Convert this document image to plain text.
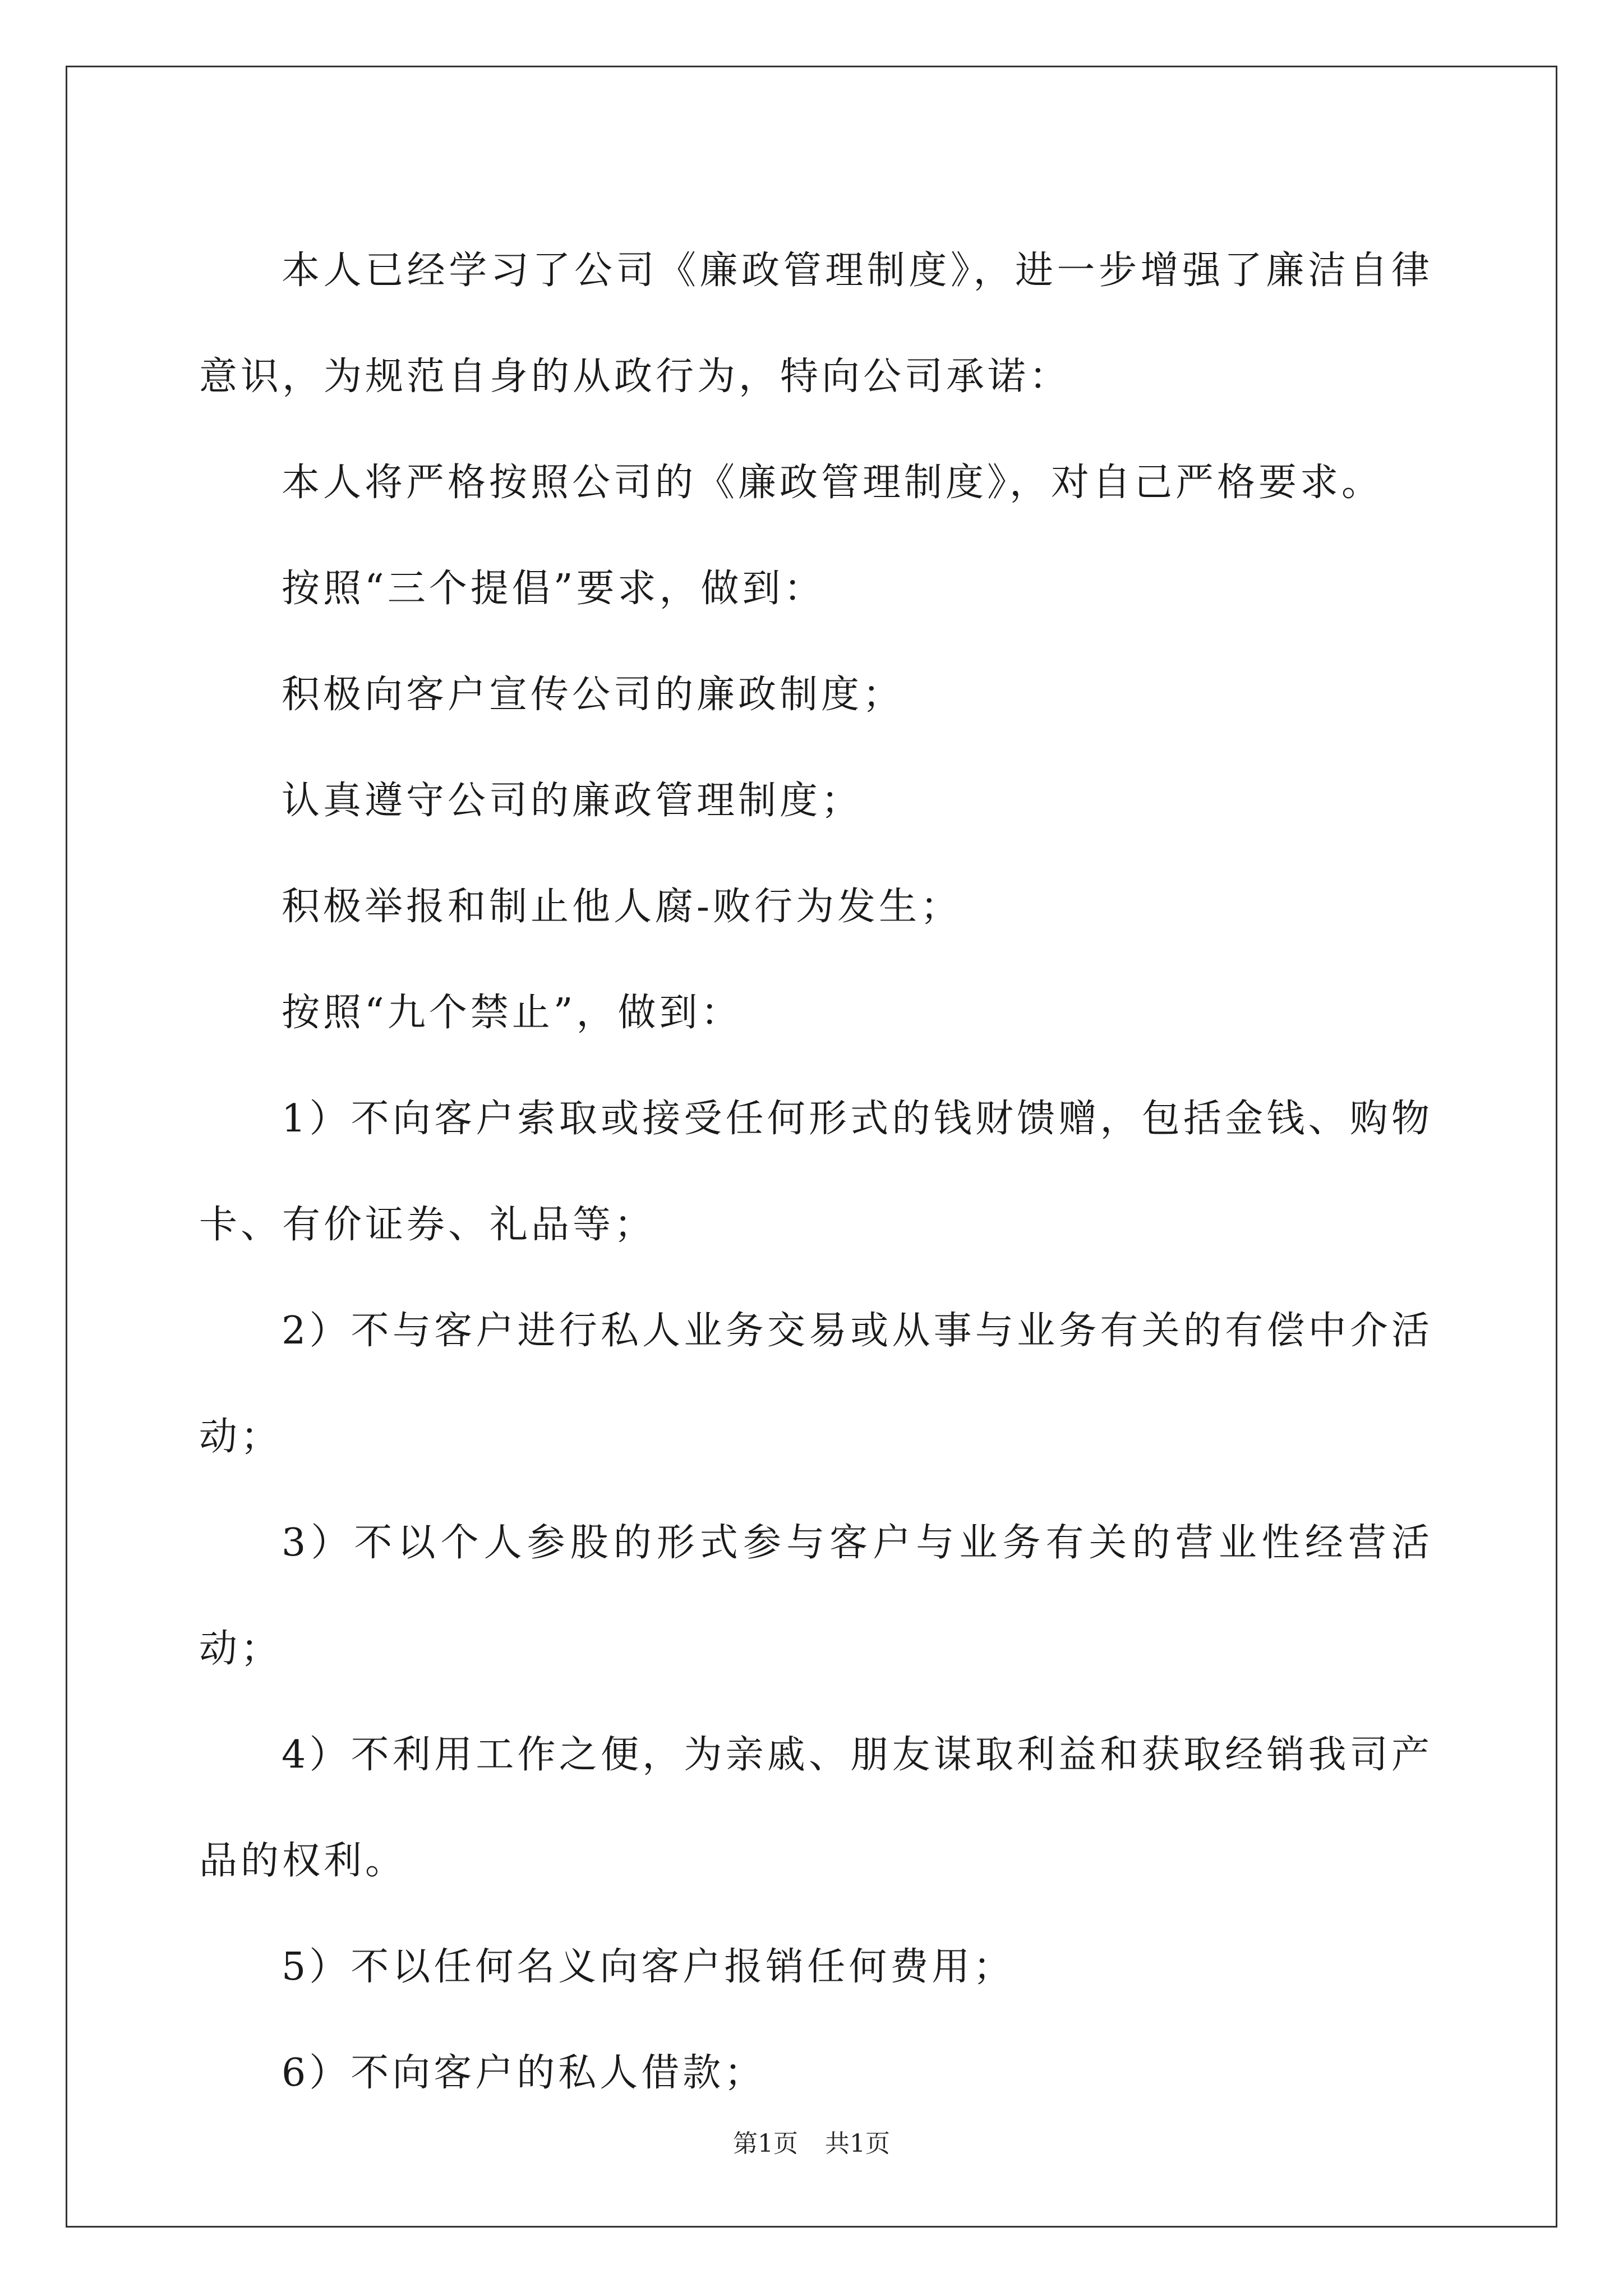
本人已经学习了公司《廉政管理制度》，进一步增强了廉洁自律意识，为规范自身的从政行为，特向公司承诺：

本人将严格按照公司的《廉政管理制度》，对自己严格要求。

按照“三个提倡”要求，做到：

积极向客户宣传公司的廉政制度；

认真遵守公司的廉政管理制度；

积极举报和制止他人腐-败行为发生；

按照“九个禁止”，做到：

1）不向客户索取或接受任何形式的钱财馈赠，包括金钱、购物卡、有价证券、礼品等；

2）不与客户进行私人业务交易或从事与业务有关的有偿中介活动；

3）不以个人参股的形式参与客户与业务有关的营业性经营活动；

4）不利用工作之便，为亲戚、朋友谋取利益和获取经销我司产品的权利。

5）不以任何名义向客户报销任何费用；

6）不向客户的私人借款；

第1页 共1页
